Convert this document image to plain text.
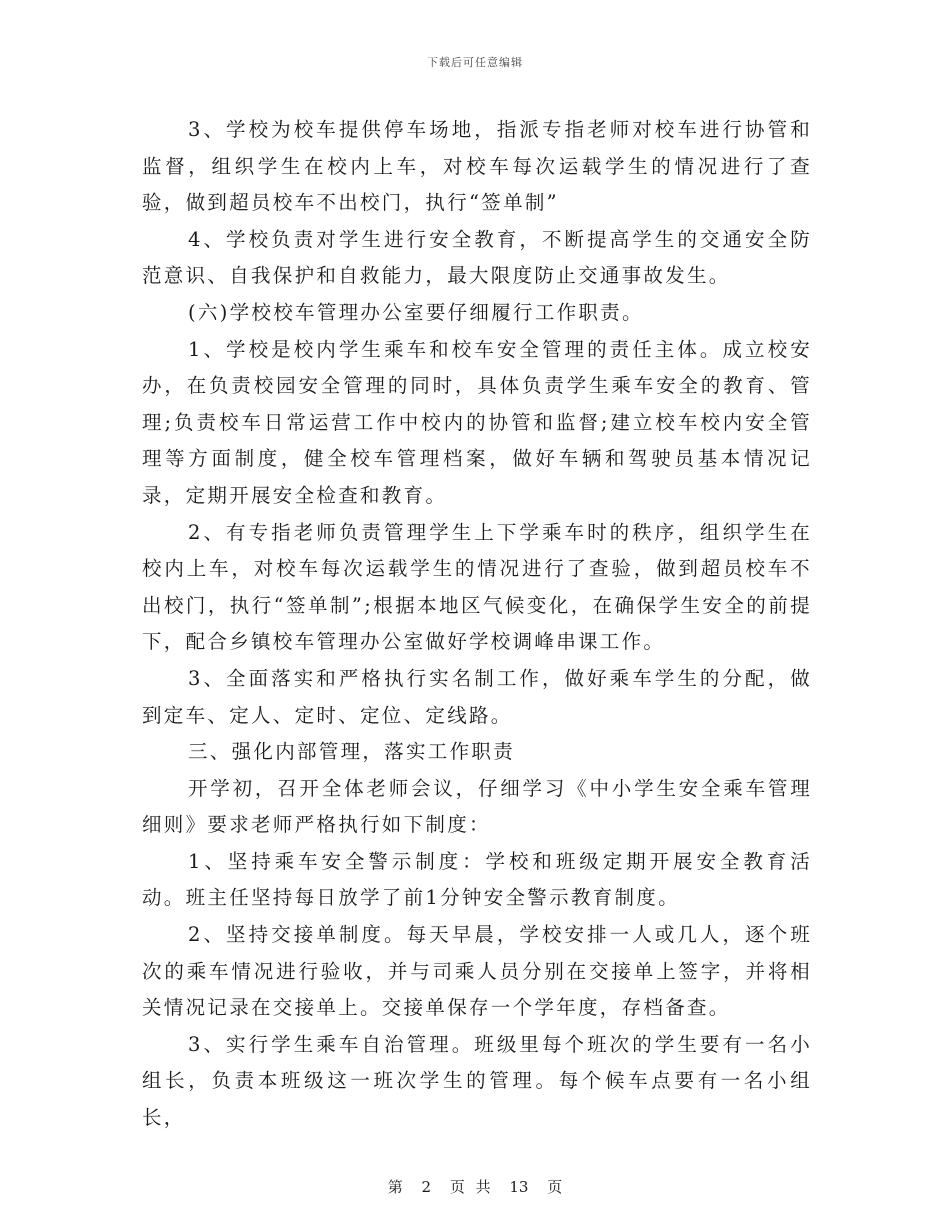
下载后可任意编辑

3、学校为校车提供停车场地，指派专指老师对校车进行协管和监督，组织学生在校内上车，对校车每次运载学生的情况进行了查验，做到超员校车不出校门，执行“签单制”

4、学校负责对学生进行安全教育，不断提高学生的交通安全防范意识、自我保护和自救能力，最大限度防止交通事故发生。

(六)学校校车管理办公室要仔细履行工作职责。

1、学校是校内学生乘车和校车安全管理的责任主体。成立校安办，在负责校园安全管理的同时，具体负责学生乘车安全的教育、管理;负责校车日常运营工作中校内的协管和监督;建立校车校内安全管理等方面制度，健全校车管理档案，做好车辆和驾驶员基本情况记录，定期开展安全检查和教育。

2、有专指老师负责管理学生上下学乘车时的秩序，组织学生在校内上车，对校车每次运载学生的情况进行了查验，做到超员校车不出校门，执行“签单制”;根据本地区气候变化，在确保学生安全的前提下，配合乡镇校车管理办公室做好学校调峰串课工作。

3、全面落实和严格执行实名制工作，做好乘车学生的分配，做到定车、定人、定时、定位、定线路。

三、强化内部管理，落实工作职责

开学初，召开全体老师会议，仔细学习《中小学生安全乘车管理细则》要求老师严格执行如下制度：

1、坚持乘车安全警示制度：学校和班级定期开展安全教育活动。班主任坚持每日放学了前1分钟安全警示教育制度。

2、坚持交接单制度。每天早晨，学校安排一人或几人，逐个班次的乘车情况进行验收，并与司乘人员分别在交接单上签字，并将相关情况记录在交接单上。交接单保存一个学年度，存档备查。

3、实行学生乘车自治管理。班级里每个班次的学生要有一名小组长，负责本班级这一班次学生的管理。每个候车点要有一名小组长，

第 2 页 共 13 页
